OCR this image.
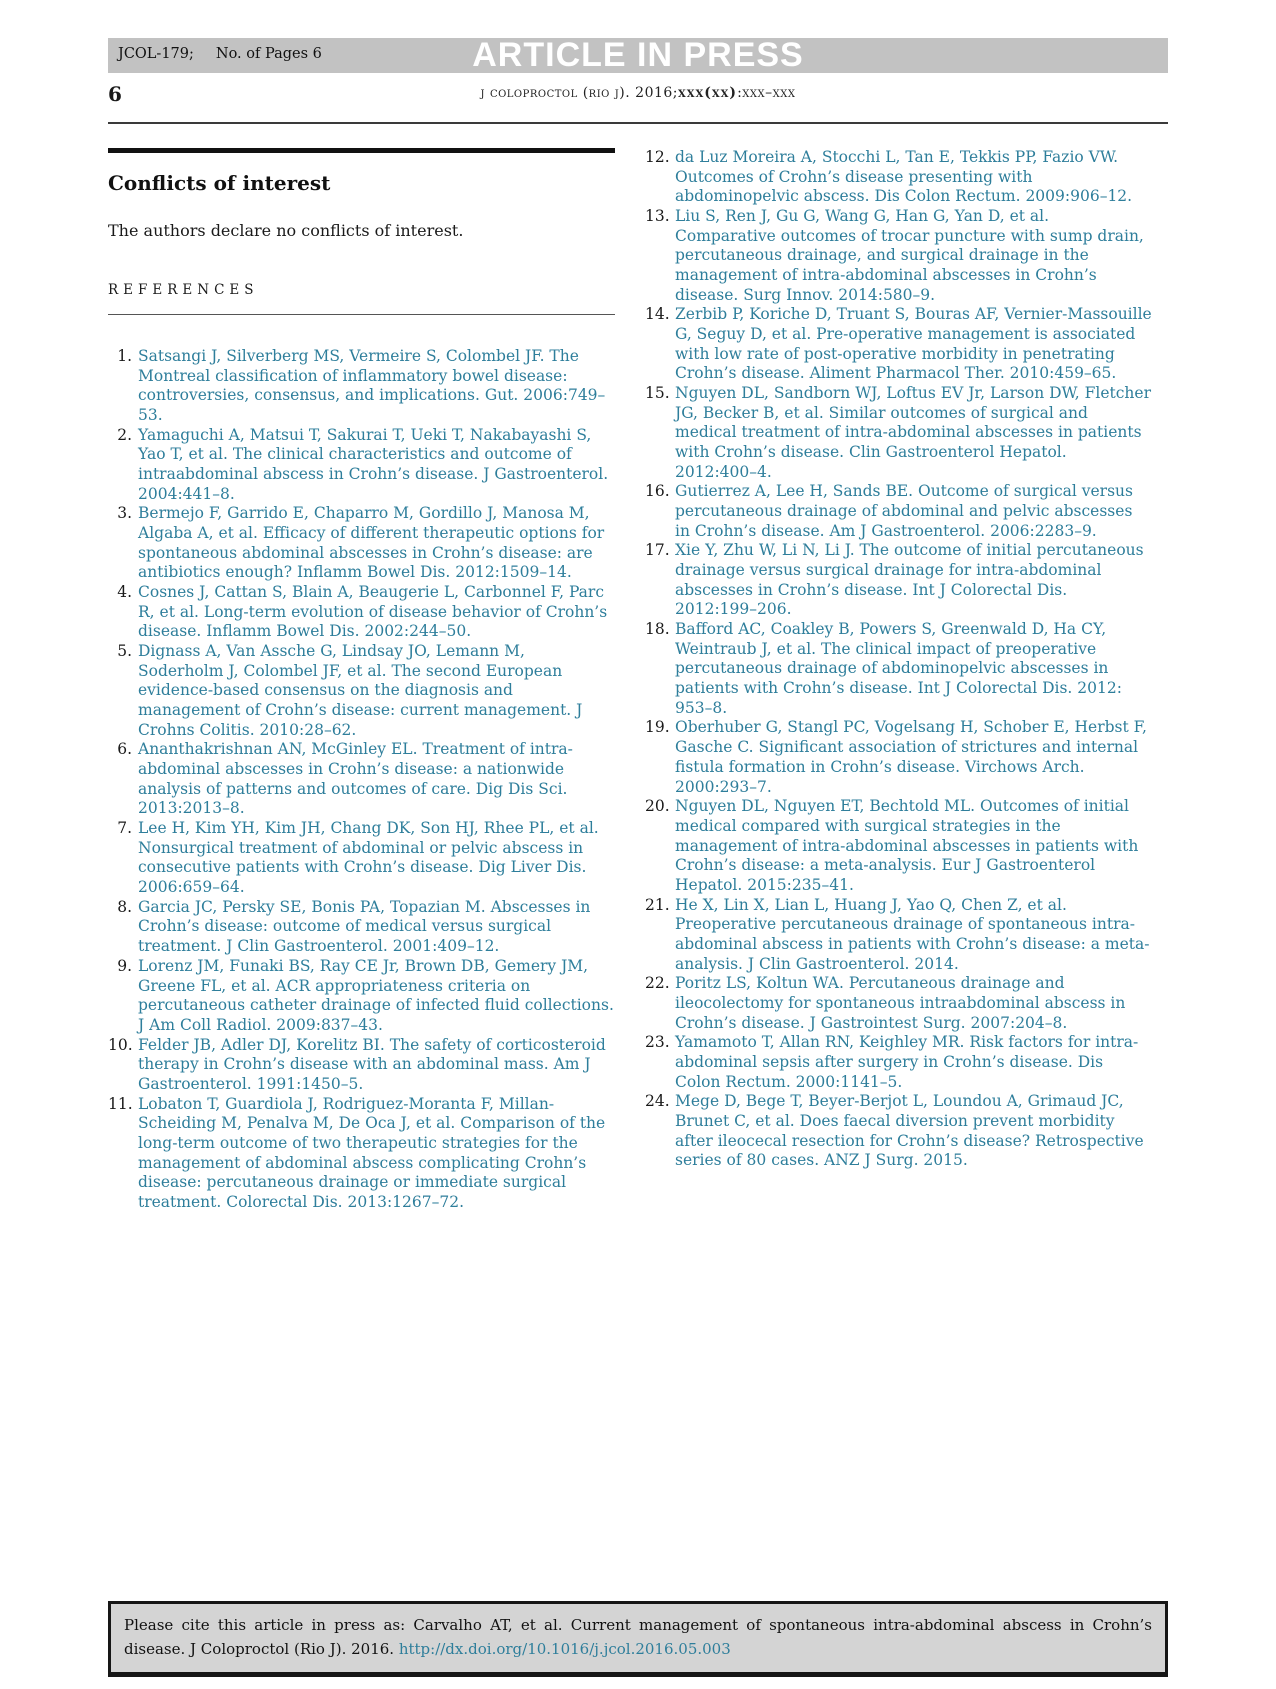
JCOL-179; No. of Pages 6	ARTICLE IN PRESS
6	j coloproctol (rio j). 2016;xxx(xx):xxx–xxx
Conflicts of interest

The authors declare no conflicts of interest.

REFERENCES
1. Satsangi J, Silverberg MS, Vermeire S, Colombel JF. The Montreal classification of inflammatory bowel disease: controversies, consensus, and implications. Gut. 2006:749–53.
2. Yamaguchi A, Matsui T, Sakurai T, Ueki T, Nakabayashi S, Yao T, et al. The clinical characteristics and outcome of intraabdominal abscess in Crohn’s disease. J Gastroenterol. 2004:441–8.
3. Bermejo F, Garrido E, Chaparro M, Gordillo J, Manosa M, Algaba A, et al. Efficacy of different therapeutic options for spontaneous abdominal abscesses in Crohn’s disease: are antibiotics enough? Inflamm Bowel Dis. 2012:1509–14.
4. Cosnes J, Cattan S, Blain A, Beaugerie L, Carbonnel F, Parc R, et al. Long-term evolution of disease behavior of Crohn’s disease. Inflamm Bowel Dis. 2002:244–50.
5. Dignass A, Van Assche G, Lindsay JO, Lemann M, Soderholm J, Colombel JF, et al. The second European evidence-based consensus on the diagnosis and management of Crohn’s disease: current management. J Crohns Colitis. 2010:28–62.
6. Ananthakrishnan AN, McGinley EL. Treatment of intra-abdominal abscesses in Crohn’s disease: a nationwide analysis of patterns and outcomes of care. Dig Dis Sci. 2013:2013–8.
7. Lee H, Kim YH, Kim JH, Chang DK, Son HJ, Rhee PL, et al. Nonsurgical treatment of abdominal or pelvic abscess in consecutive patients with Crohn’s disease. Dig Liver Dis. 2006:659–64.
8. Garcia JC, Persky SE, Bonis PA, Topazian M. Abscesses in Crohn’s disease: outcome of medical versus surgical treatment. J Clin Gastroenterol. 2001:409–12.
9. Lorenz JM, Funaki BS, Ray CE Jr, Brown DB, Gemery JM, Greene FL, et al. ACR appropriateness criteria on percutaneous catheter drainage of infected fluid collections. J Am Coll Radiol. 2009:837–43.
10. Felder JB, Adler DJ, Korelitz BI. The safety of corticosteroid therapy in Crohn’s disease with an abdominal mass. Am J Gastroenterol. 1991:1450–5.
11. Lobaton T, Guardiola J, Rodriguez-Moranta F, Millan-Scheiding M, Penalva M, De Oca J, et al. Comparison of the long-term outcome of two therapeutic strategies for the management of abdominal abscess complicating Crohn’s disease: percutaneous drainage or immediate surgical treatment. Colorectal Dis. 2013:1267–72.
12. da Luz Moreira A, Stocchi L, Tan E, Tekkis PP, Fazio VW. Outcomes of Crohn’s disease presenting with abdominopelvic abscess. Dis Colon Rectum. 2009:906–12.
13. Liu S, Ren J, Gu G, Wang G, Han G, Yan D, et al. Comparative outcomes of trocar puncture with sump drain, percutaneous drainage, and surgical drainage in the management of intra-abdominal abscesses in Crohn’s disease. Surg Innov. 2014:580–9.
14. Zerbib P, Koriche D, Truant S, Bouras AF, Vernier-Massouille G, Seguy D, et al. Pre-operative management is associated with low rate of post-operative morbidity in penetrating Crohn’s disease. Aliment Pharmacol Ther. 2010:459–65.
15. Nguyen DL, Sandborn WJ, Loftus EV Jr, Larson DW, Fletcher JG, Becker B, et al. Similar outcomes of surgical and medical treatment of intra-abdominal abscesses in patients with Crohn’s disease. Clin Gastroenterol Hepatol. 2012:400–4.
16. Gutierrez A, Lee H, Sands BE. Outcome of surgical versus percutaneous drainage of abdominal and pelvic abscesses in Crohn’s disease. Am J Gastroenterol. 2006:2283–9.
17. Xie Y, Zhu W, Li N, Li J. The outcome of initial percutaneous drainage versus surgical drainage for intra-abdominal abscesses in Crohn’s disease. Int J Colorectal Dis. 2012:199–206.
18. Bafford AC, Coakley B, Powers S, Greenwald D, Ha CY, Weintraub J, et al. The clinical impact of preoperative percutaneous drainage of abdominopelvic abscesses in patients with Crohn’s disease. Int J Colorectal Dis. 2012: 953–8.
19. Oberhuber G, Stangl PC, Vogelsang H, Schober E, Herbst F, Gasche C. Significant association of strictures and internal fistula formation in Crohn’s disease. Virchows Arch. 2000:293–7.
20. Nguyen DL, Nguyen ET, Bechtold ML. Outcomes of initial medical compared with surgical strategies in the management of intra-abdominal abscesses in patients with Crohn’s disease: a meta-analysis. Eur J Gastroenterol Hepatol. 2015:235–41.
21. He X, Lin X, Lian L, Huang J, Yao Q, Chen Z, et al. Preoperative percutaneous drainage of spontaneous intra-abdominal abscess in patients with Crohn’s disease: a meta-analysis. J Clin Gastroenterol. 2014.
22. Poritz LS, Koltun WA. Percutaneous drainage and ileocolectomy for spontaneous intraabdominal abscess in Crohn’s disease. J Gastrointest Surg. 2007:204–8.
23. Yamamoto T, Allan RN, Keighley MR. Risk factors for intra-abdominal sepsis after surgery in Crohn’s disease. Dis Colon Rectum. 2000:1141–5.
24. Mege D, Bege T, Beyer-Berjot L, Loundou A, Grimaud JC, Brunet C, et al. Does faecal diversion prevent morbidity after ileocecal resection for Crohn’s disease? Retrospective series of 80 cases. ANZ J Surg. 2015.
Please cite this article in press as: Carvalho AT, et al. Current management of spontaneous intra-abdominal abscess in Crohn’s disease. J Coloproctol (Rio J). 2016. http://dx.doi.org/10.1016/j.jcol.2016.05.003
